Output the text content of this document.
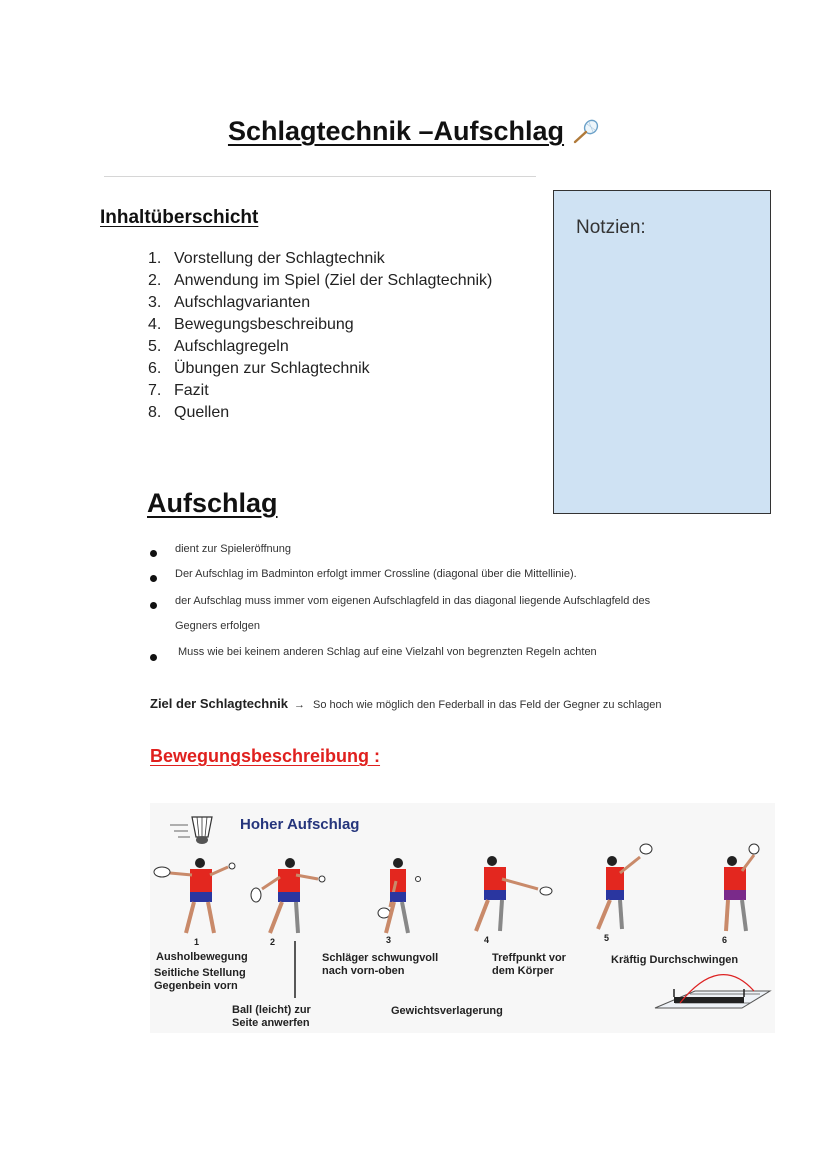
Schlagtechnik –Aufschlag
Inhaltüberschicht
1. Vorstellung der Schlagtechnik
2. Anwendung im Spiel (Ziel der Schlagtechnik)
3. Aufschlagvarianten
4. Bewegungsbeschreibung
5. Aufschlagregeln
6. Übungen zur Schlagtechnik
7. Fazit
8. Quellen
Notzien:
Aufschlag
dient zur Spieleröffnung
Der Aufschlag im Badminton erfolgt immer Crossline (diagonal über die Mittellinie).
der Aufschlag muss immer vom eigenen Aufschlagfeld in das diagonal liegende Aufschlagfeld des
Gegners erfolgen
Muss wie bei keinem anderen Schlag auf eine Vielzahl von begrenzten Regeln achten
Ziel der Schlagtechnik → So hoch wie möglich den Federball in das Feld der Gegner zu schlagen
Bewegungsbeschreibung :
1	2	3	4	5	6
Hoher Aufschlag
Ausholbewegung
Seitliche Stellung
Gegenbein vorn
Ball (leicht) zur
Seite anwerfen
Schläger schwungvoll
nach vorn-oben
Gewichtsverlagerung
Treffpunkt vor
dem Körper
Kräftig Durchschwingen
